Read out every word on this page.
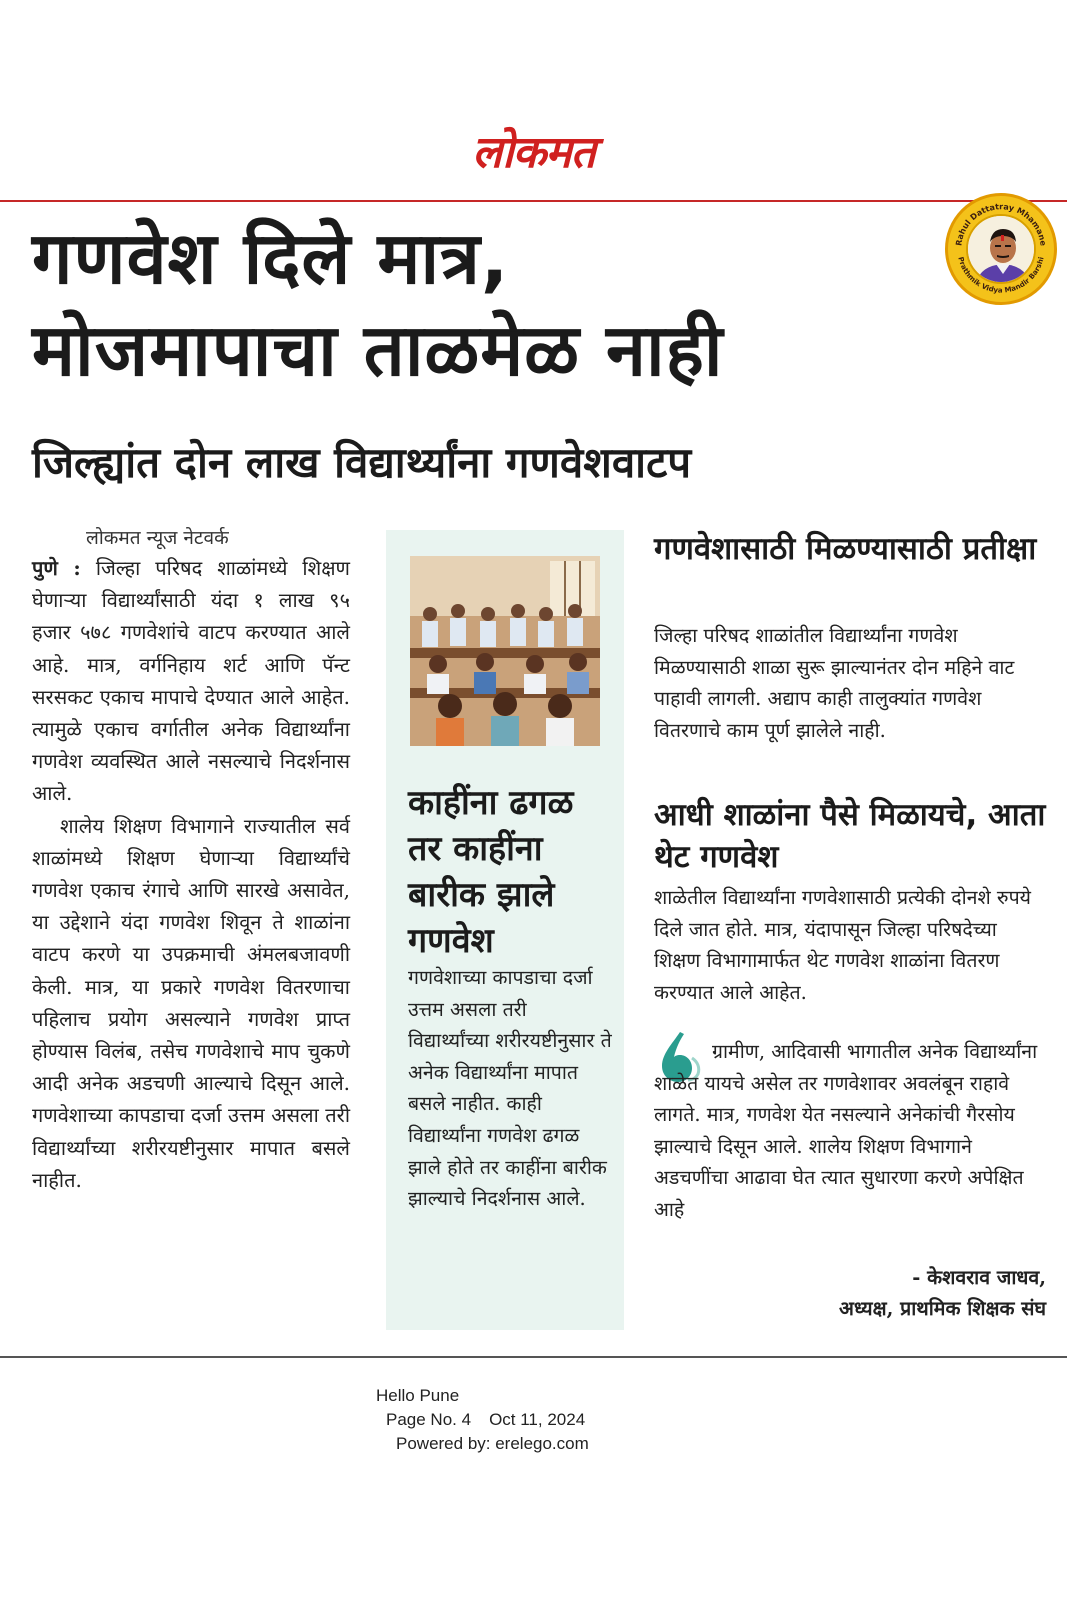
लोकमत
Rahul Dattatray Mhamane
Prathmik Vidya Mandir Barshi
गणवेश दिले मात्र,
मोजमापाचा ताळमेळ नाही
जिल्ह्यांत दोन लाख विद्यार्थ्यांना गणवेशवाटप
लोकमत न्यूज नेटवर्क

पुणे : जिल्हा परिषद शाळांमध्ये शिक्षण घेणाऱ्या विद्यार्थ्यांसाठी यंदा १ लाख ९५ हजार ५७८ गणवेशांचे वाटप करण्यात आले आहे. मात्र, वर्गनिहाय शर्ट आणि पॅन्ट सरसकट एकाच मापाचे देण्यात आले आहेत. त्यामुळे एकाच वर्गातील अनेक विद्यार्थ्यांना गणवेश व्यवस्थित आले नसल्याचे निदर्शनास आले.

शालेय शिक्षण विभागाने राज्यातील सर्व शाळांमध्ये शिक्षण घेणाऱ्या विद्यार्थ्यांचे गणवेश एकाच रंगाचे आणि सारखे असावेत, या उद्देशाने यंदा गणवेश शिवून ते शाळांना वाटप करणे या उपक्रमाची अंमलबजावणी केली. मात्र, या प्रकारे गणवेश वितरणाचा पहिलाच प्रयोग असल्याने गणवेश प्राप्त होण्यास विलंब, तसेच गणवेशाचे माप चुकणे आदी अनेक अडचणी आल्याचे दिसून आले. गणवेशाच्या कापडाचा दर्जा उत्तम असला तरी विद्यार्थ्यांच्या शरीरयष्टीनुसार मापात बसले नाहीत.

काहींना ढगळ तर काहींना बारीक झाले गणवेश

गणवेशाच्या कापडाचा दर्जा उत्तम असला तरी विद्यार्थ्यांच्या शरीरयष्टीनुसार ते अनेक विद्यार्थ्यांना मापात बसले नाहीत. काही विद्यार्थ्यांना गणवेश ढगळ झाले होते तर काहींना बारीक झाल्याचे निदर्शनास आले.

गणवेशासाठी मिळण्यासाठी प्रतीक्षा

जिल्हा परिषद शाळांतील विद्यार्थ्यांना गणवेश मिळण्यासाठी शाळा सुरू झाल्यानंतर दोन महिने वाट पाहावी लागली. अद्याप काही तालुक्यांत गणवेश वितरणाचे काम पूर्ण झालेले नाही.

आधी शाळांना पैसे मिळायचे, आता थेट गणवेश

शाळेतील विद्यार्थ्यांना गणवेशासाठी प्रत्येकी दोनशे रुपये दिले जात होते. मात्र, यंदापासून जिल्हा परिषदेच्या शिक्षण विभागामार्फत थेट गणवेश शाळांना वितरण करण्यात आले आहेत.

ग्रामीण, आदिवासी भागातील अनेक विद्यार्थ्यांना शाळेत यायचे असेल तर गणवेशावर अवलंबून राहावे लागते. मात्र, गणवेश येत नसल्याने अनेकांची गैरसोय झाल्याचे दिसून आले. शालेय शिक्षण विभागाने अडचणींचा आढावा घेत त्यात सुधारणा करणे अपेक्षित आहे

- केशवराव जाधव,
अध्यक्ष, प्राथमिक शिक्षक संघ
Hello Pune
Page No. 4 Oct 11, 2024
Powered by: erelego.com
